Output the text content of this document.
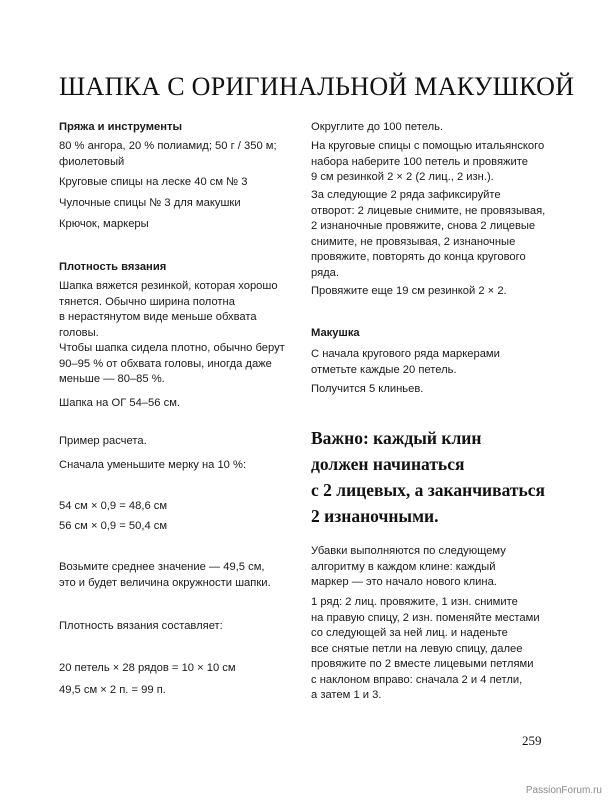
ШАПКА С ОРИГИНАЛЬНОЙ МАКУШКОЙ
Пряжа и инструменты
80 % ангора, 20 % полиамид; 50 г / 350 м;
фиолетовый
Круговые спицы на леске 40 см № 3
Чулочные спицы № 3 для макушки
Крючок, маркеры
Плотность вязания
Шапка вяжется резинкой, которая хорошо
тянется. Обычно ширина полотна
в нерастянутом виде меньше обхвата головы.
Чтобы шапка сидела плотно, обычно берут
90–95 % от обхвата головы, иногда даже
меньше — 80–85 %.
Шапка на ОГ 54–56 см.
Пример расчета.
Сначала уменьшите мерку на 10 %:
54 см × 0,9 = 48,6 см
56 см × 0,9 = 50,4 см
Возьмите среднее значение — 49,5 см,
это и будет величина окружности шапки.
Плотность вязания составляет:
20 петель × 28 рядов = 10 × 10 см
49,5 см × 2 п. = 99 п.
Округлите до 100 петель.
На круговые спицы с помощью итальянского
набора наберите 100 петель и провяжите
9 см резинкой 2 × 2 (2 лиц., 2 изн.).
За следующие 2 ряда зафиксируйте
отворот: 2 лицевые снимите, не провязывая,
2 изнаночные провяжите, снова 2 лицевые
снимите, не провязывая, 2 изнаночные
провяжите, повторять до конца кругового
ряда.
Провяжите еще 19 см резинкой 2 × 2.
Макушка
С начала кругового ряда маркерами
отметьте каждые 20 петель.
Получится 5 клиньев.
Важно: каждый клин
должен начинаться
с 2 лицевых, а заканчиваться
2 изнаночными.
Убавки выполняются по следующему
алгоритму в каждом клине: каждый
маркер — это начало нового клина.
1 ряд: 2 лиц. провяжите, 1 изн. снимите
на правую спицу, 2 изн. поменяйте местами
со следующей за ней лиц. и наденьте
все снятые петли на левую спицу, далее
провяжите по 2 вместе лицевыми петлями
с наклоном вправо: сначала 2 и 4 петли,
а затем 1 и 3.
259
PassionForum.ru
